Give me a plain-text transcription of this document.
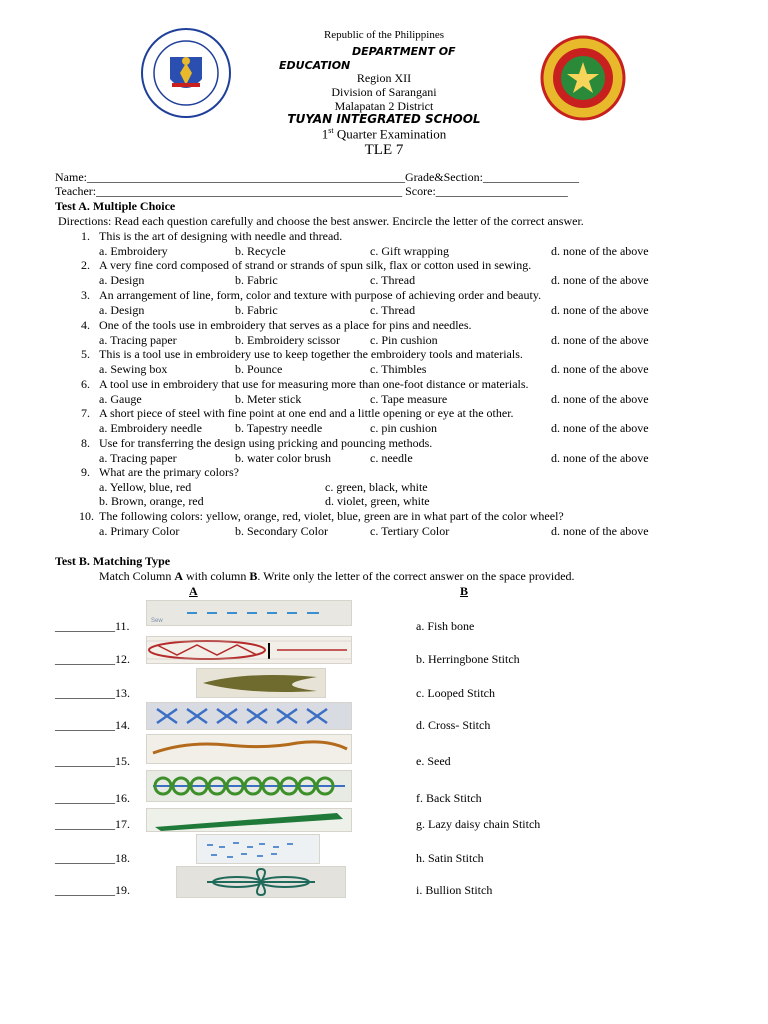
Republic of the Philippines
DEPARTMENT OF
EDUCATION
Region XII
Division of Sarangani
Malapatan 2 District
TUYAN INTEGRATED SCHOOL
1st Quarter Examination
TLE 7
Name:_____________________________________________________Grade&Section:________________
Teacher:___________________________________________________ Score:______________________
Test A. Multiple Choice
Directions: Read each question carefully and choose the best answer. Encircle the letter of the correct answer.
1. This is the art of designing with needle and thread.
a. Embroidery	b. Recycle	c. Gift wrapping	d. none of the above
2. A very fine cord composed of strand or strands of spun silk, flax or cotton used in sewing.
a. Design	b. Fabric	c. Thread	d. none of the above
3. An arrangement of line, form, color and texture with purpose of achieving order and beauty.
a. Design	b. Fabric	c. Thread	d. none of the above
4. One of the tools use in embroidery that serves as a place for pins and needles.
a. Tracing paper	b. Embroidery scissor	c. Pin cushion	d. none of the above
5. This is a tool use in embroidery use to keep together the embroidery tools and materials.
a. Sewing box	b. Pounce	c. Thimbles	d. none of the above
6. A tool use in embroidery that use for measuring more than one-foot distance or materials.
a. Gauge	b. Meter stick	c. Tape measure	d. none of the above
7. A short piece of steel with fine point at one end and a little opening or eye at the other.
a. Embroidery needle	b. Tapestry needle	c. pin cushion	d. none of the above
8. Use for transferring the design using pricking and pouncing methods.
a. Tracing paper	b. water color brush	c. needle	d. none of the above
9. What are the primary colors?
a. Yellow, blue, red	c. green, black, white
b. Brown, orange, red	d. violet, green, white
10. The following colors: yellow, orange, red, violet, blue, green are in what part of the color wheel?
a. Primary Color	b. Secondary Color	c. Tertiary Color	d. none of the above
Test B. Matching Type
Match Column A with column B. Write only the letter of the correct answer on the space provided.
A	B
Sew
__________11.	a. Fish bone
__________12.	b. Herringbone Stitch
__________13.	c. Looped Stitch
__________14.	d. Cross- Stitch
__________15.	e. Seed
__________16.	f. Back Stitch
__________17.	g. Lazy daisy chain Stitch
__________18.	h. Satin Stitch
__________19.	i. Bullion Stitch
